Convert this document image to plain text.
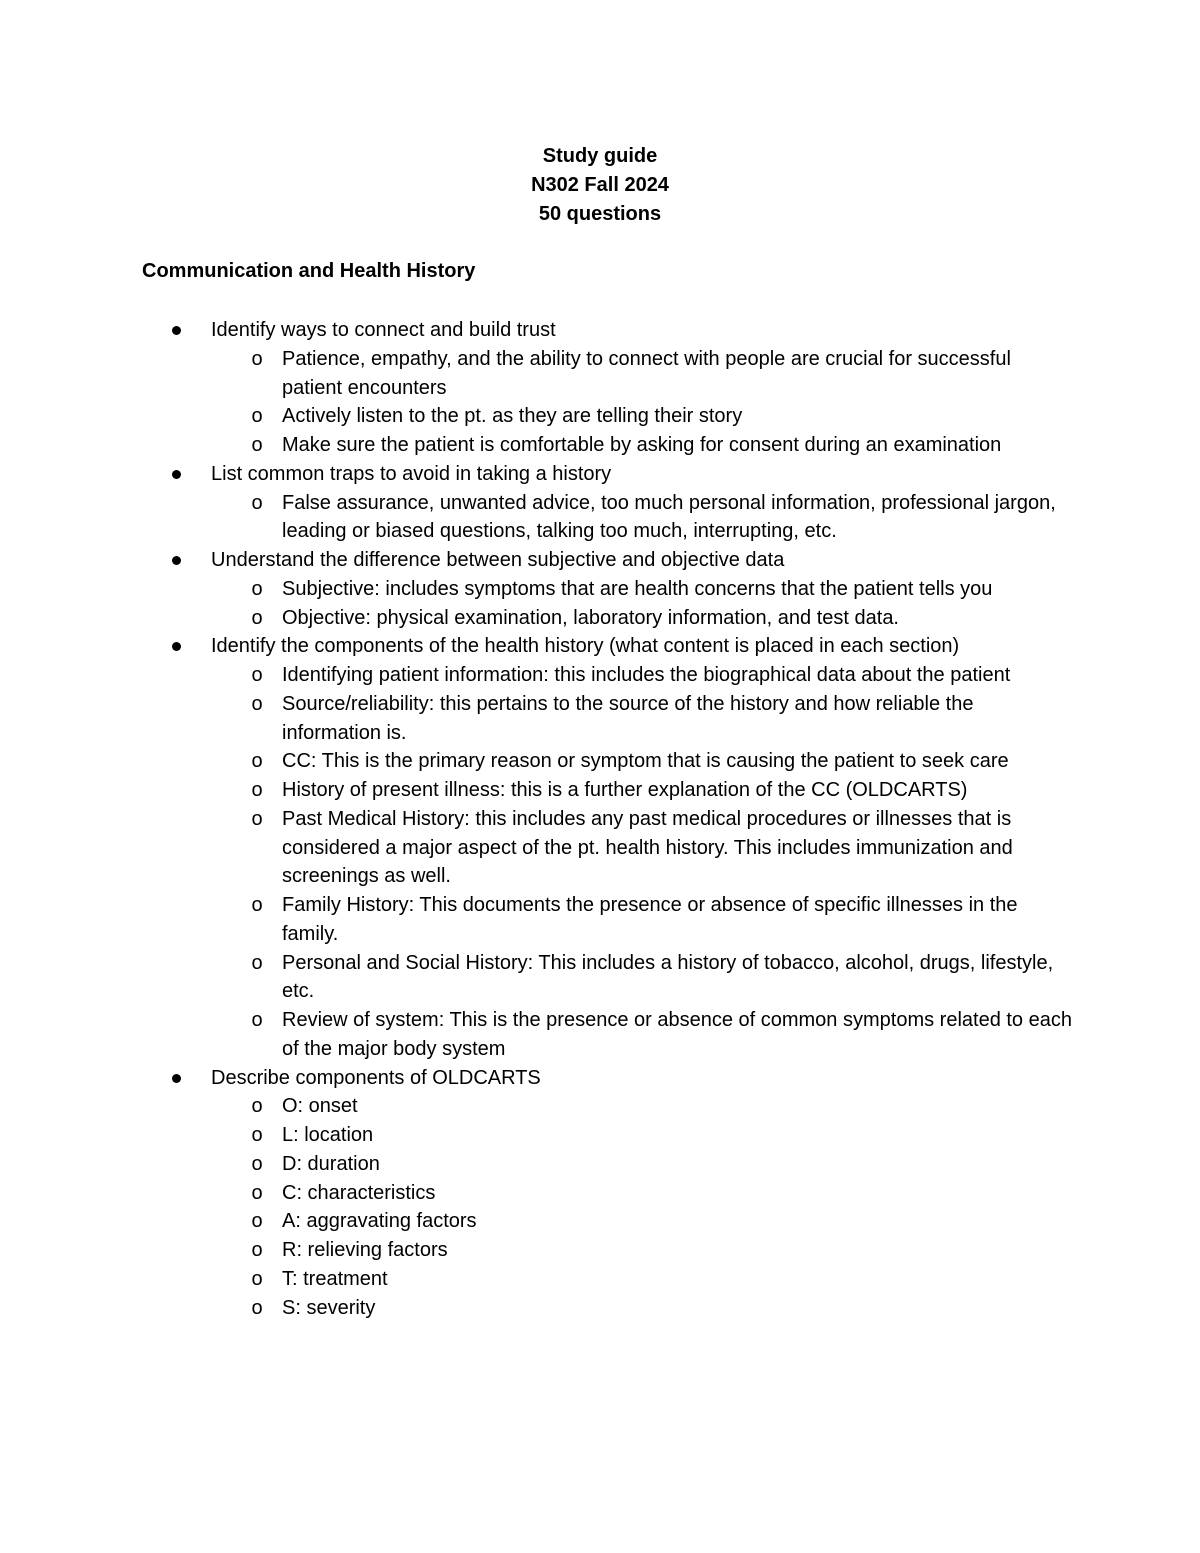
Study guide
N302 Fall 2024
50 questions
Communication and Health History
Identify ways to connect and build trust
o Patience, empathy, and the ability to connect with people are crucial for successful patient encounters
o Actively listen to the pt. as they are telling their story
o Make sure the patient is comfortable by asking for consent during an examination
List common traps to avoid in taking a history
o False assurance, unwanted advice, too much personal information, professional jargon, leading or biased questions, talking too much, interrupting, etc.
Understand the difference between subjective and objective data
o Subjective: includes symptoms that are health concerns that the patient tells you
o Objective: physical examination, laboratory information, and test data.
Identify the components of the health history (what content is placed in each section)
o Identifying patient information: this includes the biographical data about the patient
o Source/reliability: this pertains to the source of the history and how reliable the information is.
o CC: This is the primary reason or symptom that is causing the patient to seek care
o History of present illness: this is a further explanation of the CC (OLDCARTS)
o Past Medical History: this includes any past medical procedures or illnesses that is considered a major aspect of the pt. health history. This includes immunization and screenings as well.
o Family History: This documents the presence or absence of specific illnesses in the family.
o Personal and Social History: This includes a history of tobacco, alcohol, drugs, lifestyle, etc.
o Review of system: This is the presence or absence of common symptoms related to each of the major body system
Describe components of OLDCARTS
o O: onset
o L: location
o D: duration
o C: characteristics
o A: aggravating factors
o R: relieving factors
o T: treatment
o S: severity
